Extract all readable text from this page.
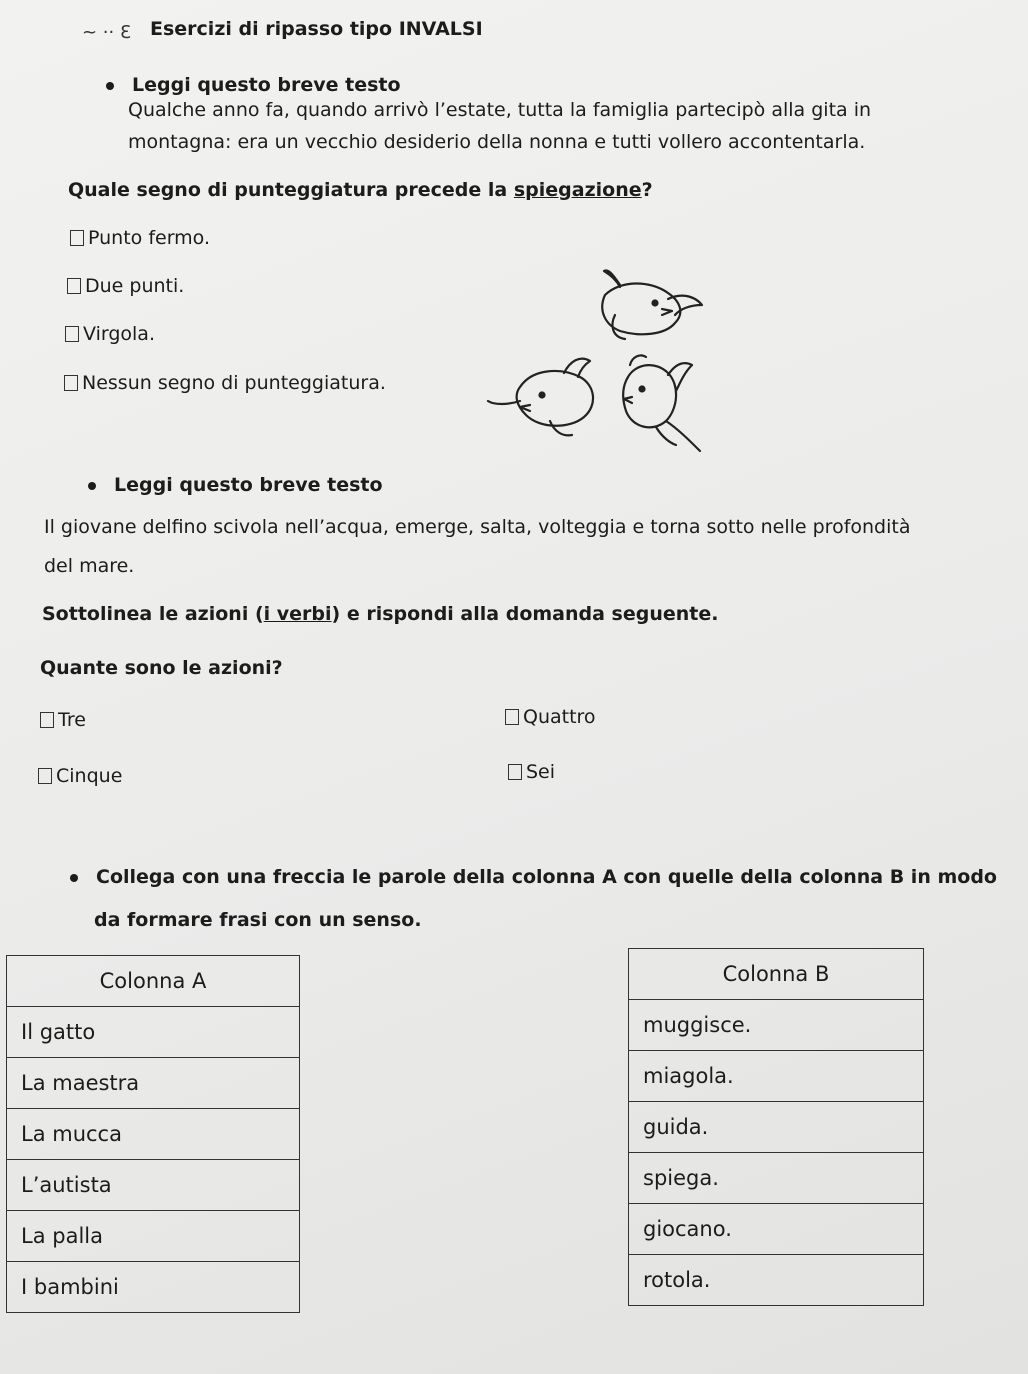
~ ·· Ɛ Esercizi di ripasso tipo INVALSI
Leggi questo breve testo
Qualche anno fa, quando arrivò l’estate, tutta la famiglia partecipò alla gita in
montagna: era un vecchio desiderio della nonna e tutti vollero accontentarla.
Quale segno di punteggiatura precede la spiegazione?
Punto fermo.
Due punti.
Virgola.
Nessun segno di punteggiatura.
Leggi questo breve testo
Il giovane delfino scivola nell’acqua, emerge, salta, volteggia e torna sotto nelle profondità
del mare.
Sottolinea le azioni (i verbi) e rispondi alla domanda seguente.
Quante sono le azioni?
Tre	Quattro
Cinque	Sei
Collega con una freccia le parole della colonna A con quelle della colonna B in modo
da formare frasi con un senso.
Colonna A
Il gatto
La maestra
La mucca
L’autista
La palla
I bambini
Colonna B
muggisce.
miagola.
guida.
spiega.
giocano.
rotola.
